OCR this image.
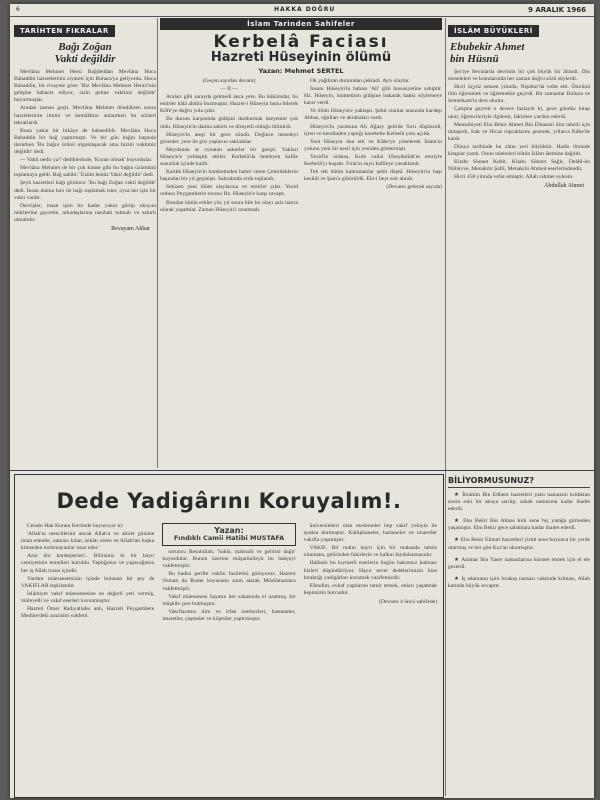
6	HAKKA DOĞRU	9 ARALIK 1966
TARİHTEN FIKRALAR
Bağı Zoğan
Vakti değildir

Mevlâna Mehmet Hersi Bağdeddan Mevlâna Hoca Bahaddin hazretlerinin ziyareti için Buhara'ya geliyordu. Hoca Bahaddin, bir rivayete göre: 'Biz Mevlâna Mehmet Herari'nin gelişine baharat ediyor, sizin gelme vaktiniz değildir' buyurmuşlar.

Aradan zaman geçti. Mevlâna Mehmet döndükten sonra hazretlerinin ilmini ve kemâlâtını anlatırken bu sözleri tekrarlardı.

Buna yakın bir hikâye de bahsedildi. Mevlâna Hoca Bahaddin bir bağ yaptırmıştı. Ve bir gün bağın başında dururken 'Bu bağın ürünü olgunlaşacak ama bizim vaktimiz değildir' dedi.

— Vakti nedir ya?' dediklerinde, 'Kuran olmak' buyurdular.

Mevlâna Mehmet de bir çok kimse gibi bu bağın üzümünü toplamaya geldi. Bağ sahibi: 'Üzüm henüz Vakti değildir' dedi.

Şeyh hazretleri bağı görünce: 'Bu bağı Zoğan vakti değildir' dedi. İnsan daima hırs ile bağı toplamak ister, oysa her işin bir vakti vardır.

Dervişler, insan işini bu kadar yakın görüp okuyan müriterine gayretle, arkadaşlarına nasihati tutmalı ve sabırlı olmalıdır.

Revayam Akbar
İslam Tarinden Sahifeler
Kerbelâ Faciası
Hazreti Hüseyinin ölümü
Yazan: Mehmet SERTEL

(Geçen sayıdan devam)

— II —

Araları gibi sarayda gelmedi anca yere. Bu hükümdar, bu emirler hâlâ ahdini bozmuştur. Hazret-i Hüseyin bunu bilerek Kûfe'ye doğru yola çıktı.

Bu durum karşısında gidişini durdurmak isteyenler çok oldu. Hüseyin'in daima sabırlı ve dirayetli olduğu bilinirdi.

Hüseyin'in ateşi bir gece söndü. Değince meseleyi görenler, yere ile göz yaşlarını sakladılar.

Meydanda at oynatan askerler bir gençti. Yakları Hüseyin'e yoldaşlık ettiler. Kerbelâ'da bekleyen kafile susuzluk içinde kaldı.

Kaldık Hüseyin'in hareketinden haber veren Çekirdeklerin başından bir yıl geçmişti. Sahralarda ordu toplandı.

Sekizen yeni ölüm olaylarına ve emirler çıktı. Yezid ordusu Peygamberin torunu Hz. Hüseyin'e karşı savaştı.

Bundan bütün erkler yüz yıl sonra bile bu olayı aziz hatıra olarak yaşattılar. Zaman Hüseyin'i unutmadı.

Ok yağdıran durumdan çekindi. Ayrı olaylar.

İnsanı Hüseyin'in babası 'Ali' gibi hususiyetine sahiptir. Hz. Hüseyin, ümmetinin gidişine bakarak hakkı söylemeye karar verdi.

Ve ölüm Hüseyin'e yaklaştı. Şehit olanlar arasında kardeşi Abbas, oğulları ve akrabaları vardı.

Hüseyin'in yarımına Ali Ağazy gelirde Sırrı düşünceli, içten ve kendinden yaptığı hareketle Kerbelâ yolu açıldı.

Yeni Hüseyin dua etti ve Kâbe'ye yönelerek İslam'ın yolunu yeni bir nesil için yeniden göstermişti.

Yezid'in ordusu, Kufe valisi Ubeydullah'ın emriyle Kerbelâ'yı kuşattı. Fırat'ın suyu kafileye yasaklandı.

Tek tek bütün kahramanlar şehit düştü. Hüseyin'in başı kesildi ve Şam'a götürüldü. Ehl-i beyt esir alındı.

(Devamı gelecek sayıda)
İSLÂM BÜYÜKLERİ
Ebubekir Ahmet
bin Hüsnü

Şer'iye fetvalarda devrinin bir çok büyük bir âlimdi. Din meseleleri ve konularında her zaman doğru sözü söylerdi.

Hicri üçyüz seksen yılında, Nişabur'da vefat etti. Ömrünü ilim öğrenmek ve öğretmekle geçirdi. Bir zamanlar Buhara ve Semerkant'ta ders okuttu.

Çalışma gayreti o derece fazlaydı ki, gece gündüz kitap okur, öğrencileriyle ilgilenir, fakirlere yardım ederdi.

Mensubiyeti Ebu Bekir Ahmet Bin Elhasani ilim tahsili için dolaşırdı, Irak ve Hicaz topraklarını gezerek, yıllarca Kâbe'de kaldı.

Dünya tarihinde bu zâtın yeri büyüktür. Hadis ilminde kitaplar yazdı. Onun talebeleri bütün İslâm âlemine dağıldı.

Kitabı Sünnet Kebir, Kitabı Sünnet Sağir, Delâil-ün Nübüvve, Menakıbi Şafii, Menakıbi Ahmed eserlerindendir.

Hicri 458 yılında vefat etmiştir. Allah rahmet eylesin.

Abdullah Ahmet
Dede Yadigârını Koruyalım!.

Cenabı Hak Kuranı Kerimde buyuruyor ki:

'Allah'ın mescitlerini ancak Allah'a ve ahiret gününe iman edenler, namazı kılan, zekâtı veren ve Allah'tan başka kimseden korkmayanlar imar eder.'

Aziz din kardeşlerim!.. Bilirsiniz ki bir hayır cemiyetinin temelleri kuruldu. Yaptığımız ve yapacağımız her iş Allah rızası içindir.

Yardım müessesemizin içinde bulunan bir şey de VAKIFLAR teşkilatıdır.

İslâmiyet vakıf müessesesine en değerli yeri vermiş, mütevelli ve vakıf eserleri korunmuştur.

Hazreti Ömer Radıyallahu anh, Hazreti Peygambere Medine'deki arazisini vakfetti.

Yazan:
Fındıklı Camii Hatibi MUSTAFA

soruncu Resulullah; 'Sakla, mahsulü ve gelirini dağıt' buyurdular. Bunun üzerine müşarünileyh bu bahçeyi vakfetmiştir.

Bu hadisi şerifte vakfın faziletini görüyoruz. Hazreti Osman da Rume kuyusunu satın alarak Müslümanlara vakfetmiştir.

Vakıf müessesesi hayatın her sahasında el uzatmış, bir müşkile çare bulmuştur.

Vakıflarımız ilim ve irfan merkezleri, hastaneler, imaretler, çeşmeler ve köprüler yaptırmıştır.

üniversiteleri olan medreseler hep vakıf yoluyla ile ayakta durmuştur. Kütüphaneler, hastaneler ve imaretler vakıfla yaşamıştır.

VAKIF, Bir malın hayrı için bir maksada tahsis olunması, gelirinden fakirlerin ve halkın faydalanmasıdır.

Halbuki bu kıymetli eserlerin bugün bakımsız kalması bizleri düşündürüyor. Hayır sever dedelerimizin bize bıraktığı yadigârları korumak vazifemizdir.

Efendim, evkaf yapılarını tamir etmek, onları yaşatmak hepimizin borcudur.

(Devamı 4 üncü sahifede)
BİLİYORMUSUNUZ?

★ İbrahim Bin Edhem hazretleri yatsı namazını kıldıktan sonra eski bir abaya sarılıp, sabah namazına kadar ibadet ederdi.

★ Ebu Bekir Bin Abbas kırk sene hiç yatağa girmeden yaşamıştır. Ebu Bekir gece sabahlara kadar ibadet ederdi.

★ Ebu Bekir Elmuti hazretleri yirmi sene boyunca bir yerde oturmuş ve her gün Kur'an okumuştur.

★ Ammar Bin Yaser namazlarına hürmet etmek için el ele gezerdi.

★ İş adamının işini bırakıp namazı vaktinde kılması, Allah katında büyük sevaptır.
